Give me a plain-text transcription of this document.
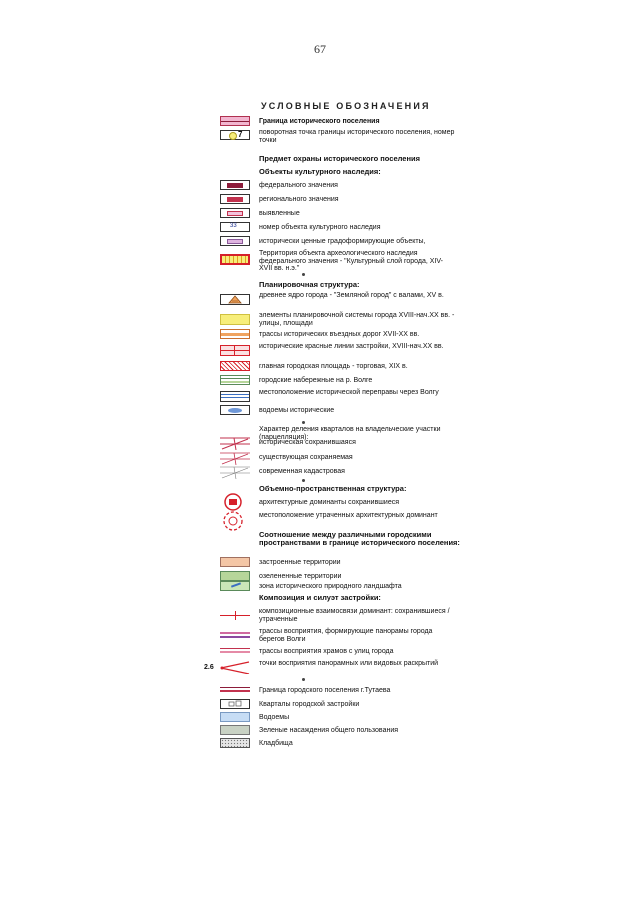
67
УСЛОВНЫЕ ОБОЗНАЧЕНИЯ
Граница исторического поселения
7 поворотная точка границы исторического поселения, номер точки
Предмет охраны исторического поселения
Объекты культурного наследия:
федерального значения
регионального значения
выявленные
33	номер объекта культурного наследия
исторически ценные градоформирующие объекты,
Территория объекта археологического наследия федерального значения - "Культурный слой города, XIV-XVII вв. н.э."
Планировочная структура:
древнее ядро города - "Земляной город" с валами, XV в.
элементы планировочной системы города XVIII-нач.XX вв. - улицы, площади
трассы исторических въездных дорог XVII-XX вв.
исторические красные линии застройки, XVIII-нач.XX вв.
главная городская площадь - торговая, XIX в.
городские набережные на р. Волге
местоположение исторической переправы через Волгу
водоемы исторические
Характер деления кварталов на владельческие участки (парцелляция):
историческая сохранившаяся
существующая сохраняемая
современная кадастровая
Объемно-пространственная структура:
архитектурные доминанты сохранившиеся
местоположение утраченных архитектурных доминант
Соотношение между различными городскими пространствами в границе исторического поселения:
застроенные территории
озелененные территории
зона исторического природного ландшафта
Композиция и силуэт застройки:
композиционные взаимосвязи доминант: сохранившиеся / утраченные
трассы восприятия, формирующие панорамы города берегов Волги
трассы восприятия храмов с улиц города
2.6
точки восприятия панорамных или видовых раскрытий
Граница городского поселения г.Тутаева
Кварталы городской застройки
Водоемы
Зеленые насаждения общего пользования
Кладбища
